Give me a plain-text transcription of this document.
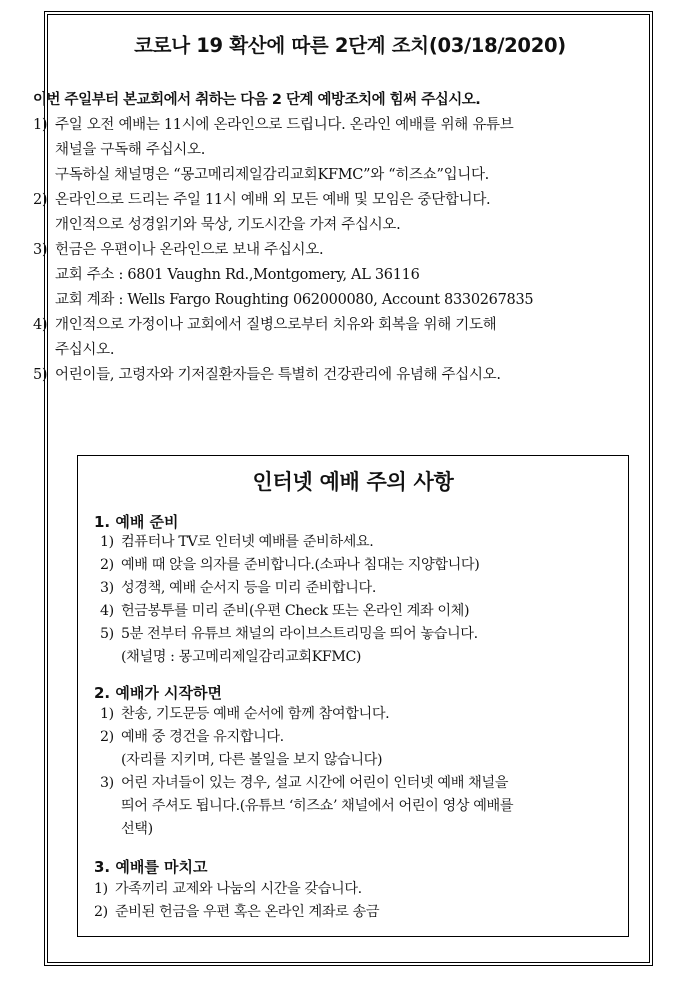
코로나 19 확산에 따른 2단계 조치(03/18/2020)
이번 주일부터 본교회에서 취하는 다음 2 단계 예방조치에 힘써 주십시오.
1) 주일 오전 예배는 11시에 온라인으로 드립니다. 온라인 예배를 위해 유튜브
채널을 구독해 주십시오.
구독하실 채널명은 “몽고메리제일감리교회KFMC”와 “히즈쇼”입니다.
2) 온라인으로 드리는 주일 11시 예배 외 모든 예배 및 모임은 중단합니다.
개인적으로 성경읽기와 묵상, 기도시간을 가져 주십시오.
3) 헌금은 우편이나 온라인으로 보내 주십시오.
교회 주소 : 6801 Vaughn Rd.,Montgomery, AL 36116
교회 계좌 : Wells Fargo Roughting 062000080, Account 8330267835
4) 개인적으로 가정이나 교회에서 질병으로부터 치유와 회복을 위해 기도해
주십시오.
5) 어린이들, 고령자와 기저질환자들은 특별히 건강관리에 유념해 주십시오.
인터넷 예배 주의 사항
1. 예배 준비
1) 컴퓨터나 TV로 인터넷 예배를 준비하세요.
2) 예배 때 앉을 의자를 준비합니다.(소파나 침대는 지양합니다)
3) 성경책, 예배 순서지 등을 미리 준비합니다.
4) 헌금봉투를 미리 준비(우편 Check 또는 온라인 계좌 이체)
5) 5분 전부터 유튜브 채널의 라이브스트리밍을 띄어 놓습니다.
(채널명 : 몽고메리제일감리교회KFMC)
2. 예배가 시작하면
1) 찬송, 기도문등 예배 순서에 함께 참여합니다.
2) 예배 중 경건을 유지합니다.
(자리를 지키며, 다른 볼일을 보지 않습니다)
3) 어린 자녀들이 있는 경우, 설교 시간에 어린이 인터넷 예배 채널을
띄어 주셔도 됩니다.(유튜브 ‘히즈쇼’ 채널에서 어린이 영상 예배를
선택)
3. 예배를 마치고
1) 가족끼리 교제와 나눔의 시간을 갖습니다.
2) 준비된 헌금을 우편 혹은 온라인 계좌로 송금
